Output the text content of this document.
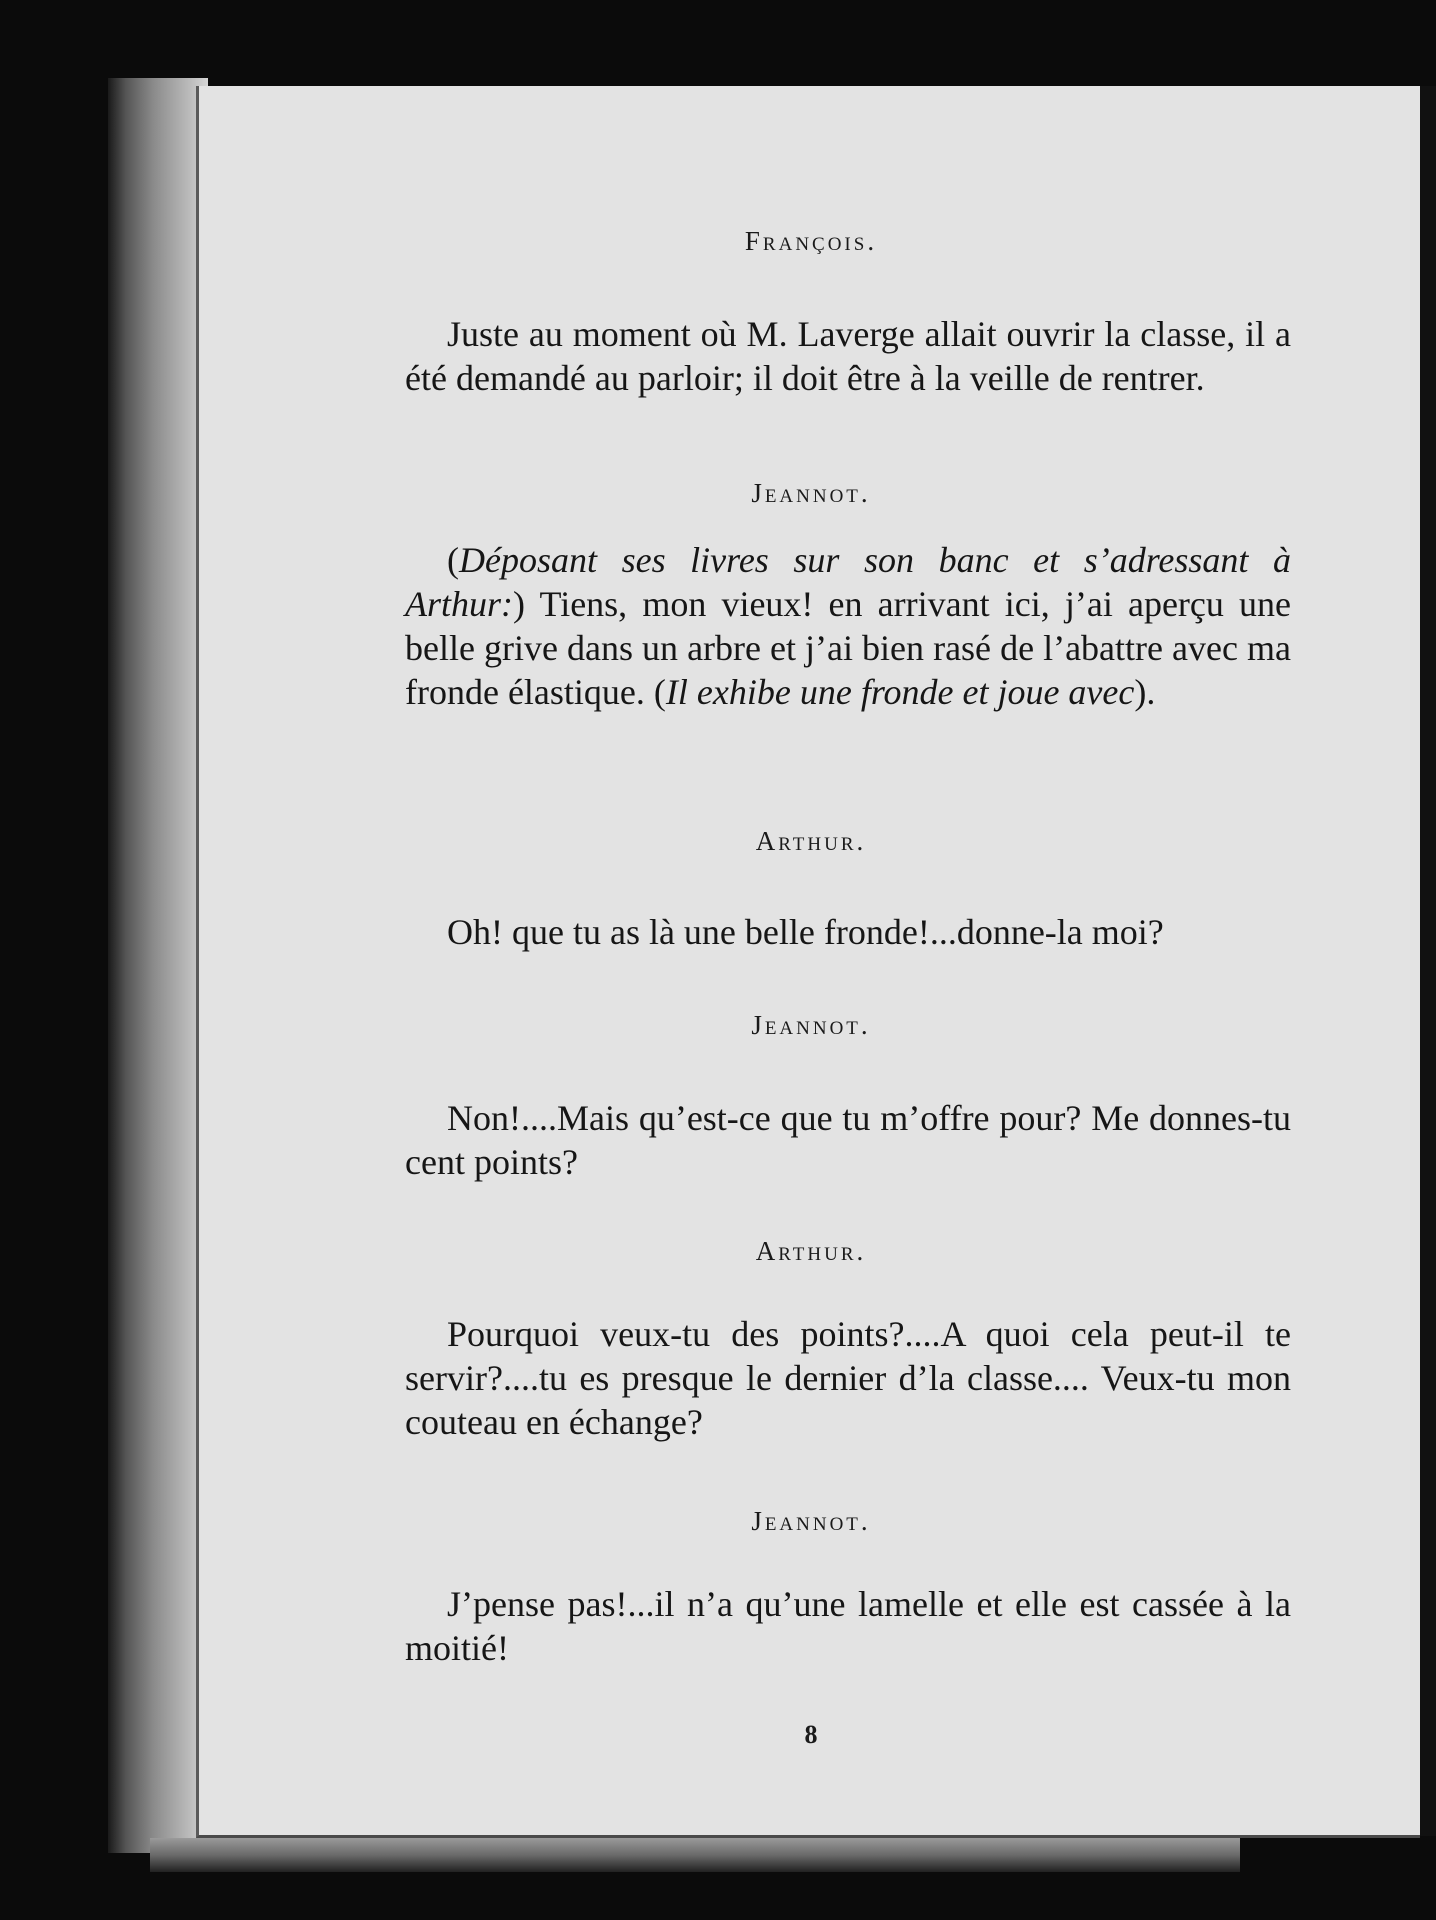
François.
Juste au moment où M. Laverge allait ouvrir la classe, il a été demandé au parloir; il doit être à la veille de rentrer.
Jeannot.
(Déposant ses livres sur son banc et s’adressant à Arthur:) Tiens, mon vieux! en arrivant ici, j’ai aperçu une belle grive dans un arbre et j’ai bien rasé de l’abattre avec ma fronde élastique. (Il exhibe une fronde et joue avec).
Arthur.
Oh! que tu as là une belle fronde!...donne-la moi?
Jeannot.
Non!....Mais qu’est-ce que tu m’offre pour? Me donnes-tu cent points?
Arthur.
Pourquoi veux-tu des points?....A quoi cela peut-il te servir?....tu es presque le dernier d’la classe.... Veux-tu mon couteau en échange?
Jeannot.
J’pense pas!...il n’a qu’une lamelle et elle est cassée à la moitié!
8
